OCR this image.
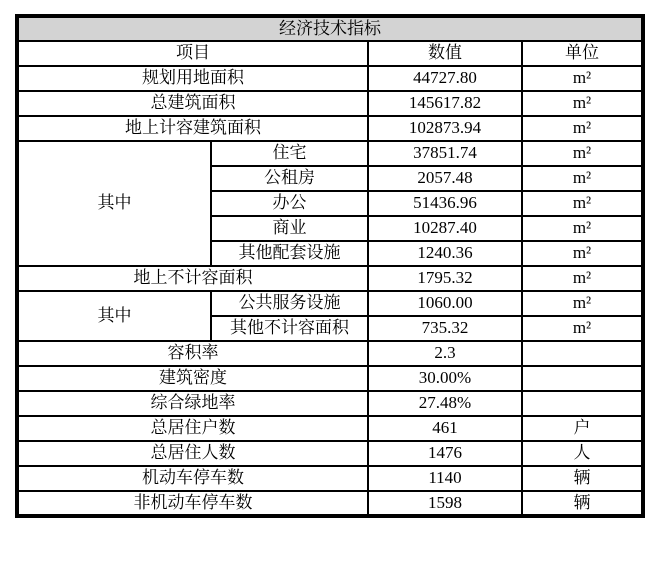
经济技术指标			
项目		数值	单位
规划用地面积		44727.80	m²
总建筑面积		145617.82	m²
地上计容建筑面积		102873.94	m²
其中	住宅	37851.74	m²
	公租房	2057.48	m²
	办公	51436.96	m²
	商业	10287.40	m²
	其他配套设施	1240.36	m²
地上不计容面积		1795.32	m²
其中	公共服务设施	1060.00	m²
	其他不计容面积	735.32	m²
容积率		2.3	
建筑密度		30.00%	
综合绿地率		27.48%	
总居住户数		461	户
总居住人数		1476	人
机动车停车数		1140	辆
非机动车停车数		1598	辆
